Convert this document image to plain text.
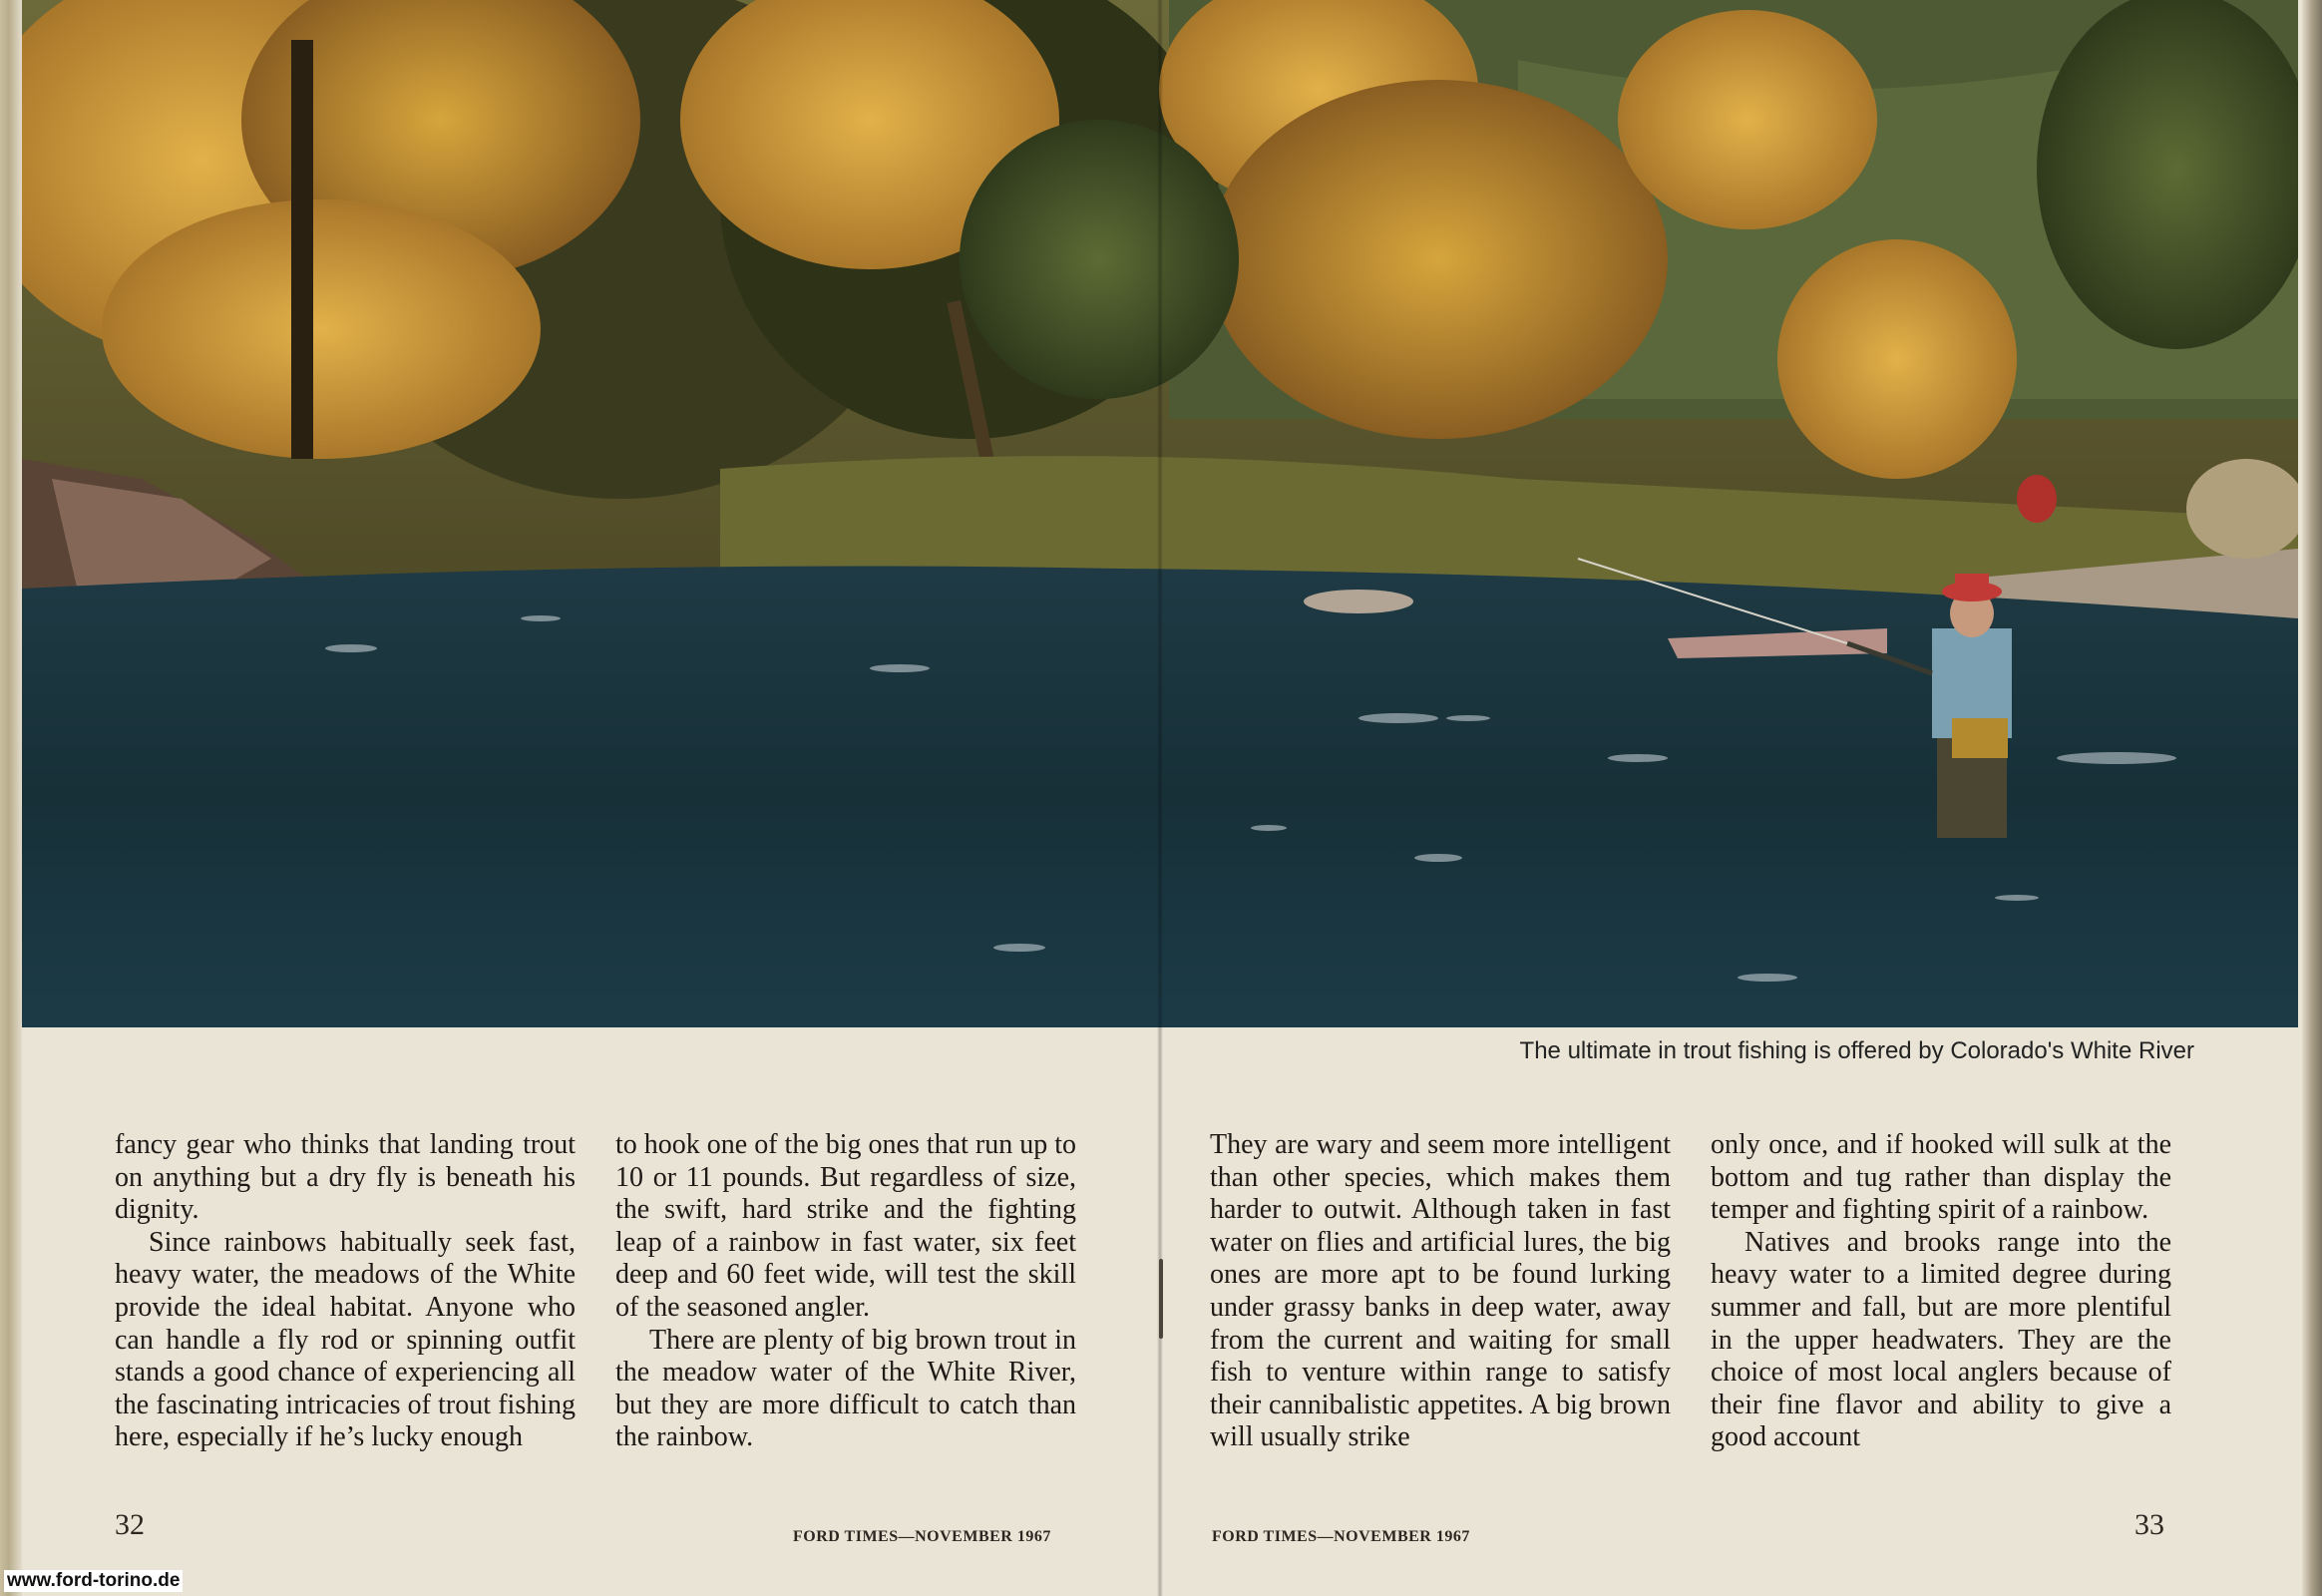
The ultimate in trout fishing is offered by Colorado's White River

fancy gear who thinks that landing trout on anything but a dry fly is beneath his dignity.

Since rainbows habitually seek fast, heavy water, the meadows of the White provide the ideal habitat. Anyone who can handle a fly rod or spinning outfit stands a good chance of experiencing all the fascinating intricacies of trout fishing here, especially if he’s lucky enough

to hook one of the big ones that run up to 10 or 11 pounds. But regardless of size, the swift, hard strike and the fighting leap of a rainbow in fast water, six feet deep and 60 feet wide, will test the skill of the seasoned angler.

There are plenty of big brown trout in the meadow water of the White River, but they are more difficult to catch than the rainbow.

They are wary and seem more intelligent than other species, which makes them harder to outwit. Although taken in fast water on flies and artificial lures, the big ones are more apt to be found lurking under grassy banks in deep water, away from the current and waiting for small fish to venture within range to satisfy their cannibalistic appetites. A big brown will usually strike

only once, and if hooked will sulk at the bottom and tug rather than display the temper and fighting spirit of a rainbow.

Natives and brooks range into the heavy water to a limited degree during summer and fall, but are more plentiful in the upper headwaters. They are the choice of most local anglers because of their fine flavor and ability to give a good account

32	33
FORD TIMES—NOVEMBER 1967	FORD TIMES—NOVEMBER 1967
www.ford-torino.de
